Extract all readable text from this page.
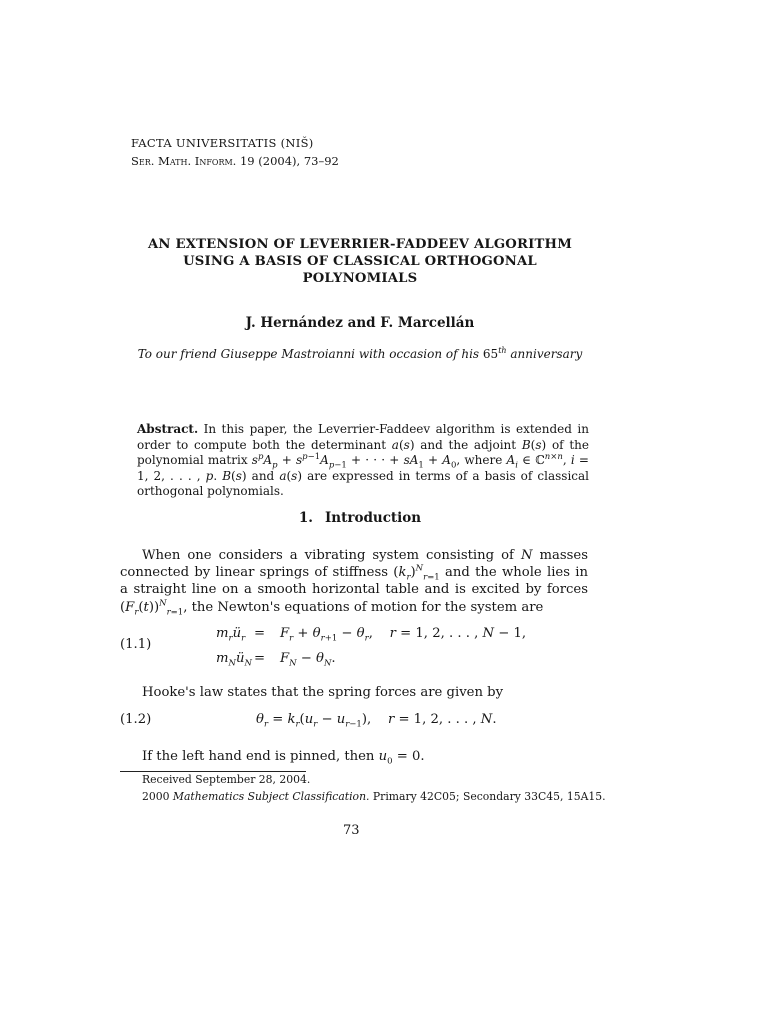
FACTA UNIVERSITATIS (NIŠ)
Ser. Math. Inform. 19 (2004), 73–92
AN EXTENSION OF LEVERRIER-FADDEEV ALGORITHM
USING A BASIS OF CLASSICAL ORTHOGONAL
POLYNOMIALS
J. Hernández and F. Marcellán
To our friend Giuseppe Mastroianni with occasion of his 65th anniversary
Abstract. In this paper, the Leverrier-Faddeev algorithm is extended in order to compute both the determinant a(s) and the adjoint B(s) of the polynomial matrix $s^pA_p + s^{p-1}A_{p-1}$ + · · · + $sA_1 + A_0$, where $A_i$ ∈ ℂ$^{n\times n}$, i = 1, 2, . . . , p. B(s) and a(s) are expressed in terms of a basis of classical orthogonal polynomials.
1. Introduction
When one considers a vibrating system consisting of N masses connected by linear springs of stiffness $(k_r)^N_{r=1}$ and the whole lies in a straight line on a smooth horizontal table and is excited by forces $(F_r(t))^N_{r=1}$, the Newton's equations of motion for the system are
(1.1)
$m_rü_r = F_r + \theta_{r+1} - \theta_r$,    r = 1, 2, . . . , N − 1,
$m_Nü_N = F_N - \theta_N$.
Hooke's law states that the spring forces are given by
(1.2)	$\theta_r = k_r(u_r - u_{r-1})$,    r = 1, 2, . . . , N.
If the left hand end is pinned, then $u_0 = 0$.
Received September 28, 2004.
2000 Mathematics Subject Classification. Primary 42C05; Secondary 33C45, 15A15.
73
